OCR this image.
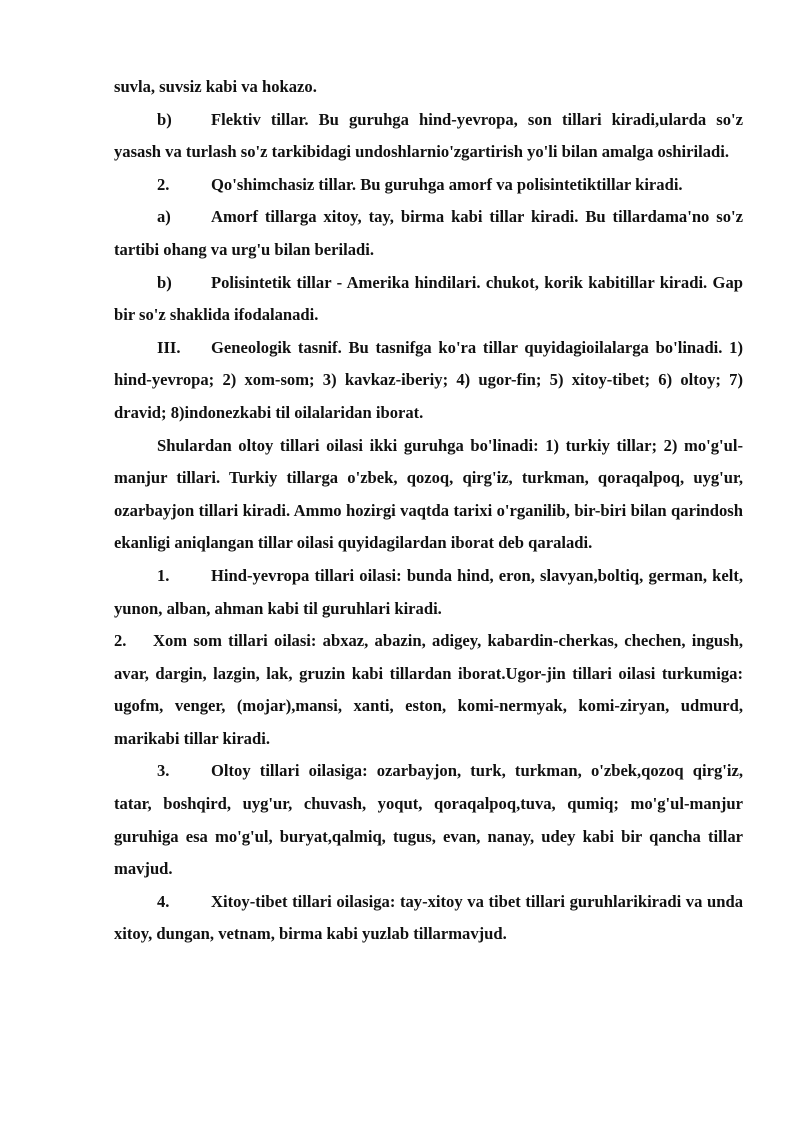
suvla, suvsiz kabi va hokazo.

b) Flektiv tillar. Bu guruhga hind-yevropa, son tillari kiradi,ularda so'z yasash va turlash so'z tarkibidagi undoshlarnio'zgartirish yo'li bilan amalga oshiriladi.

2.	Qo'shimchasiz tillar. Bu guruhga amorf va polisintetiktillar kiradi.

a) Amorf tillarga xitoy, tay, birma kabi tillar kiradi. Bu tillardama'no so'z tartibi ohang va urg'u bilan beriladi.

b) Polisintetik tillar - Amerika hindilari. chukot, korik kabitillar kiradi. Gap bir so'z shaklida ifodalanadi.

III. Geneologik tasnif. Bu tasnifga ko'ra tillar quyidagioilalarga bo'linadi. 1) hind-yevropa; 2) xom-som; 3) kavkaz-iberiy; 4) ugor-fin; 5) xitoy-tibet; 6) oltoy; 7) dravid; 8)indonezkabi til oilalaridan iborat.

Shulardan oltoy tillari oilasi ikki guruhga bo'linadi: 1) turkiy tillar; 2) mo'g'ul-manjur tillari. Turkiy tillarga o'zbek, qozoq, qirg'iz, turkman, qoraqalpoq, uyg'ur, ozarbayjon tillari kiradi. Ammo hozirgi vaqtda tarixi o'rganilib, bir-biri bilan qarindosh ekanligi aniqlangan tillar oilasi quyidagilardan iborat deb qaraladi.

1.	Hind-yevropa tillari oilasi: bunda hind, eron, slavyan,boltiq, german, kelt, yunon, alban, ahman kabi til guruhlari kiradi.

2. Xom som tillari oilasi: abxaz, abazin, adigey, kabardin-cherkas, chechen, ingush, avar, dargin, lazgin, lak, gruzin kabi tillardan iborat.Ugor-jin tillari oilasi turkumiga: ugofm, venger, (mojar),mansi, xanti, eston, komi-nermyak, komi-ziryan, udmurd, marikabi tillar kiradi.

3.	Oltoy tillari oilasiga: ozarbayjon, turk, turkman, o'zbek,qozoq qirg'iz, tatar, boshqird, uyg'ur, chuvash, yoqut, qoraqalpoq,tuva, qumiq; mo'g'ul-manjur guruhiga esa mo'g'ul, buryat,qalmiq, tugus, evan, nanay, udey kabi bir qancha tillar mavjud.

4.	Xitoy-tibet tillari oilasiga: tay-xitoy va tibet tillari guruhlarikiradi va unda xitoy, dungan, vetnam, birma kabi yuzlab tillarmavjud.
